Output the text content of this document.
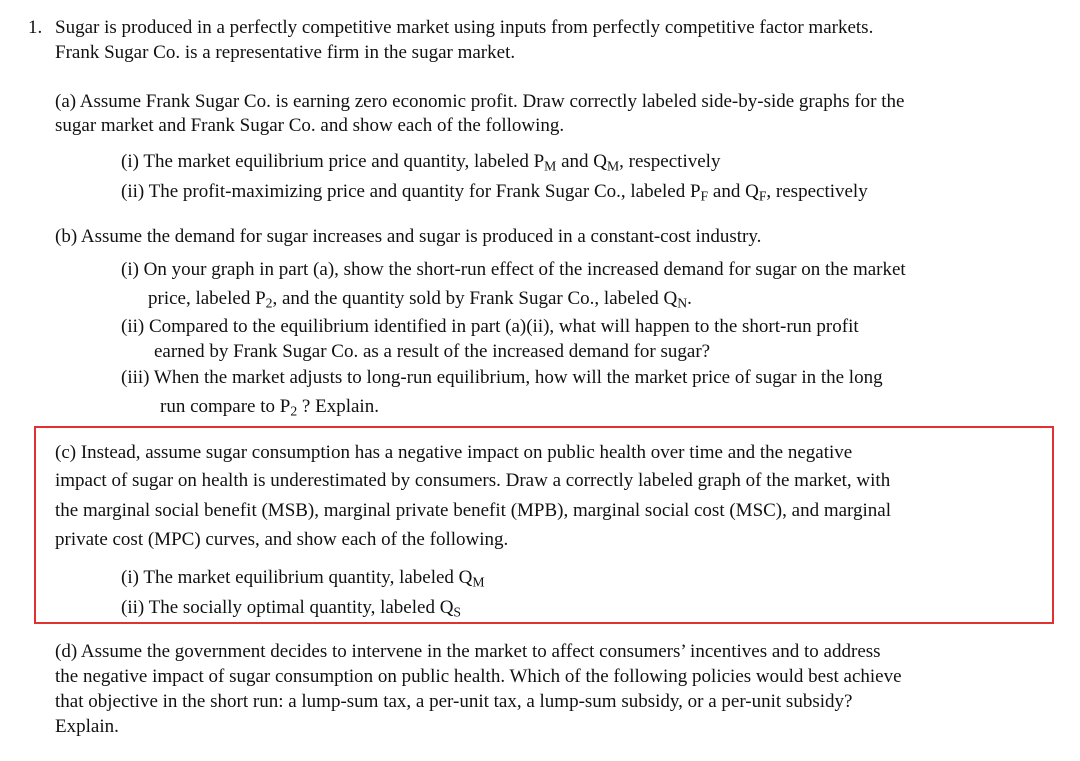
1. Sugar is produced in a perfectly competitive market using inputs from perfectly competitive factor markets.
Frank Sugar Co. is a representative firm in the sugar market.
(a) Assume Frank Sugar Co. is earning zero economic profit. Draw correctly labeled side-by-side graphs for the
sugar market and Frank Sugar Co. and show each of the following.
(i) The market equilibrium price and quantity, labeled $P_M$ and $Q_M$, respectively
(ii) The profit-maximizing price and quantity for Frank Sugar Co., labeled $P_F$ and $Q_F$, respectively
(b) Assume the demand for sugar increases and sugar is produced in a constant-cost industry.
(i) On your graph in part (a), show the short-run effect of the increased demand for sugar on the market
price, labeled $P_2$, and the quantity sold by Frank Sugar Co., labeled $Q_N$.
(ii) Compared to the equilibrium identified in part (a)(ii), what will happen to the short-run profit
earned by Frank Sugar Co. as a result of the increased demand for sugar?
(iii) When the market adjusts to long-run equilibrium, how will the market price of sugar in the long
run compare to $P_2$ ? Explain.
(c) Instead, assume sugar consumption has a negative impact on public health over time and the negative
impact of sugar on health is underestimated by consumers. Draw a correctly labeled graph of the market, with
the marginal social benefit (MSB), marginal private benefit (MPB), marginal social cost (MSC), and marginal
private cost (MPC) curves, and show each of the following.
(i) The market equilibrium quantity, labeled $Q_M$
(ii) The socially optimal quantity, labeled $Q_S$
(d) Assume the government decides to intervene in the market to affect consumers’ incentives and to address
the negative impact of sugar consumption on public health. Which of the following policies would best achieve
that objective in the short run: a lump-sum tax, a per-unit tax, a lump-sum subsidy, or a per-unit subsidy?
Explain.
